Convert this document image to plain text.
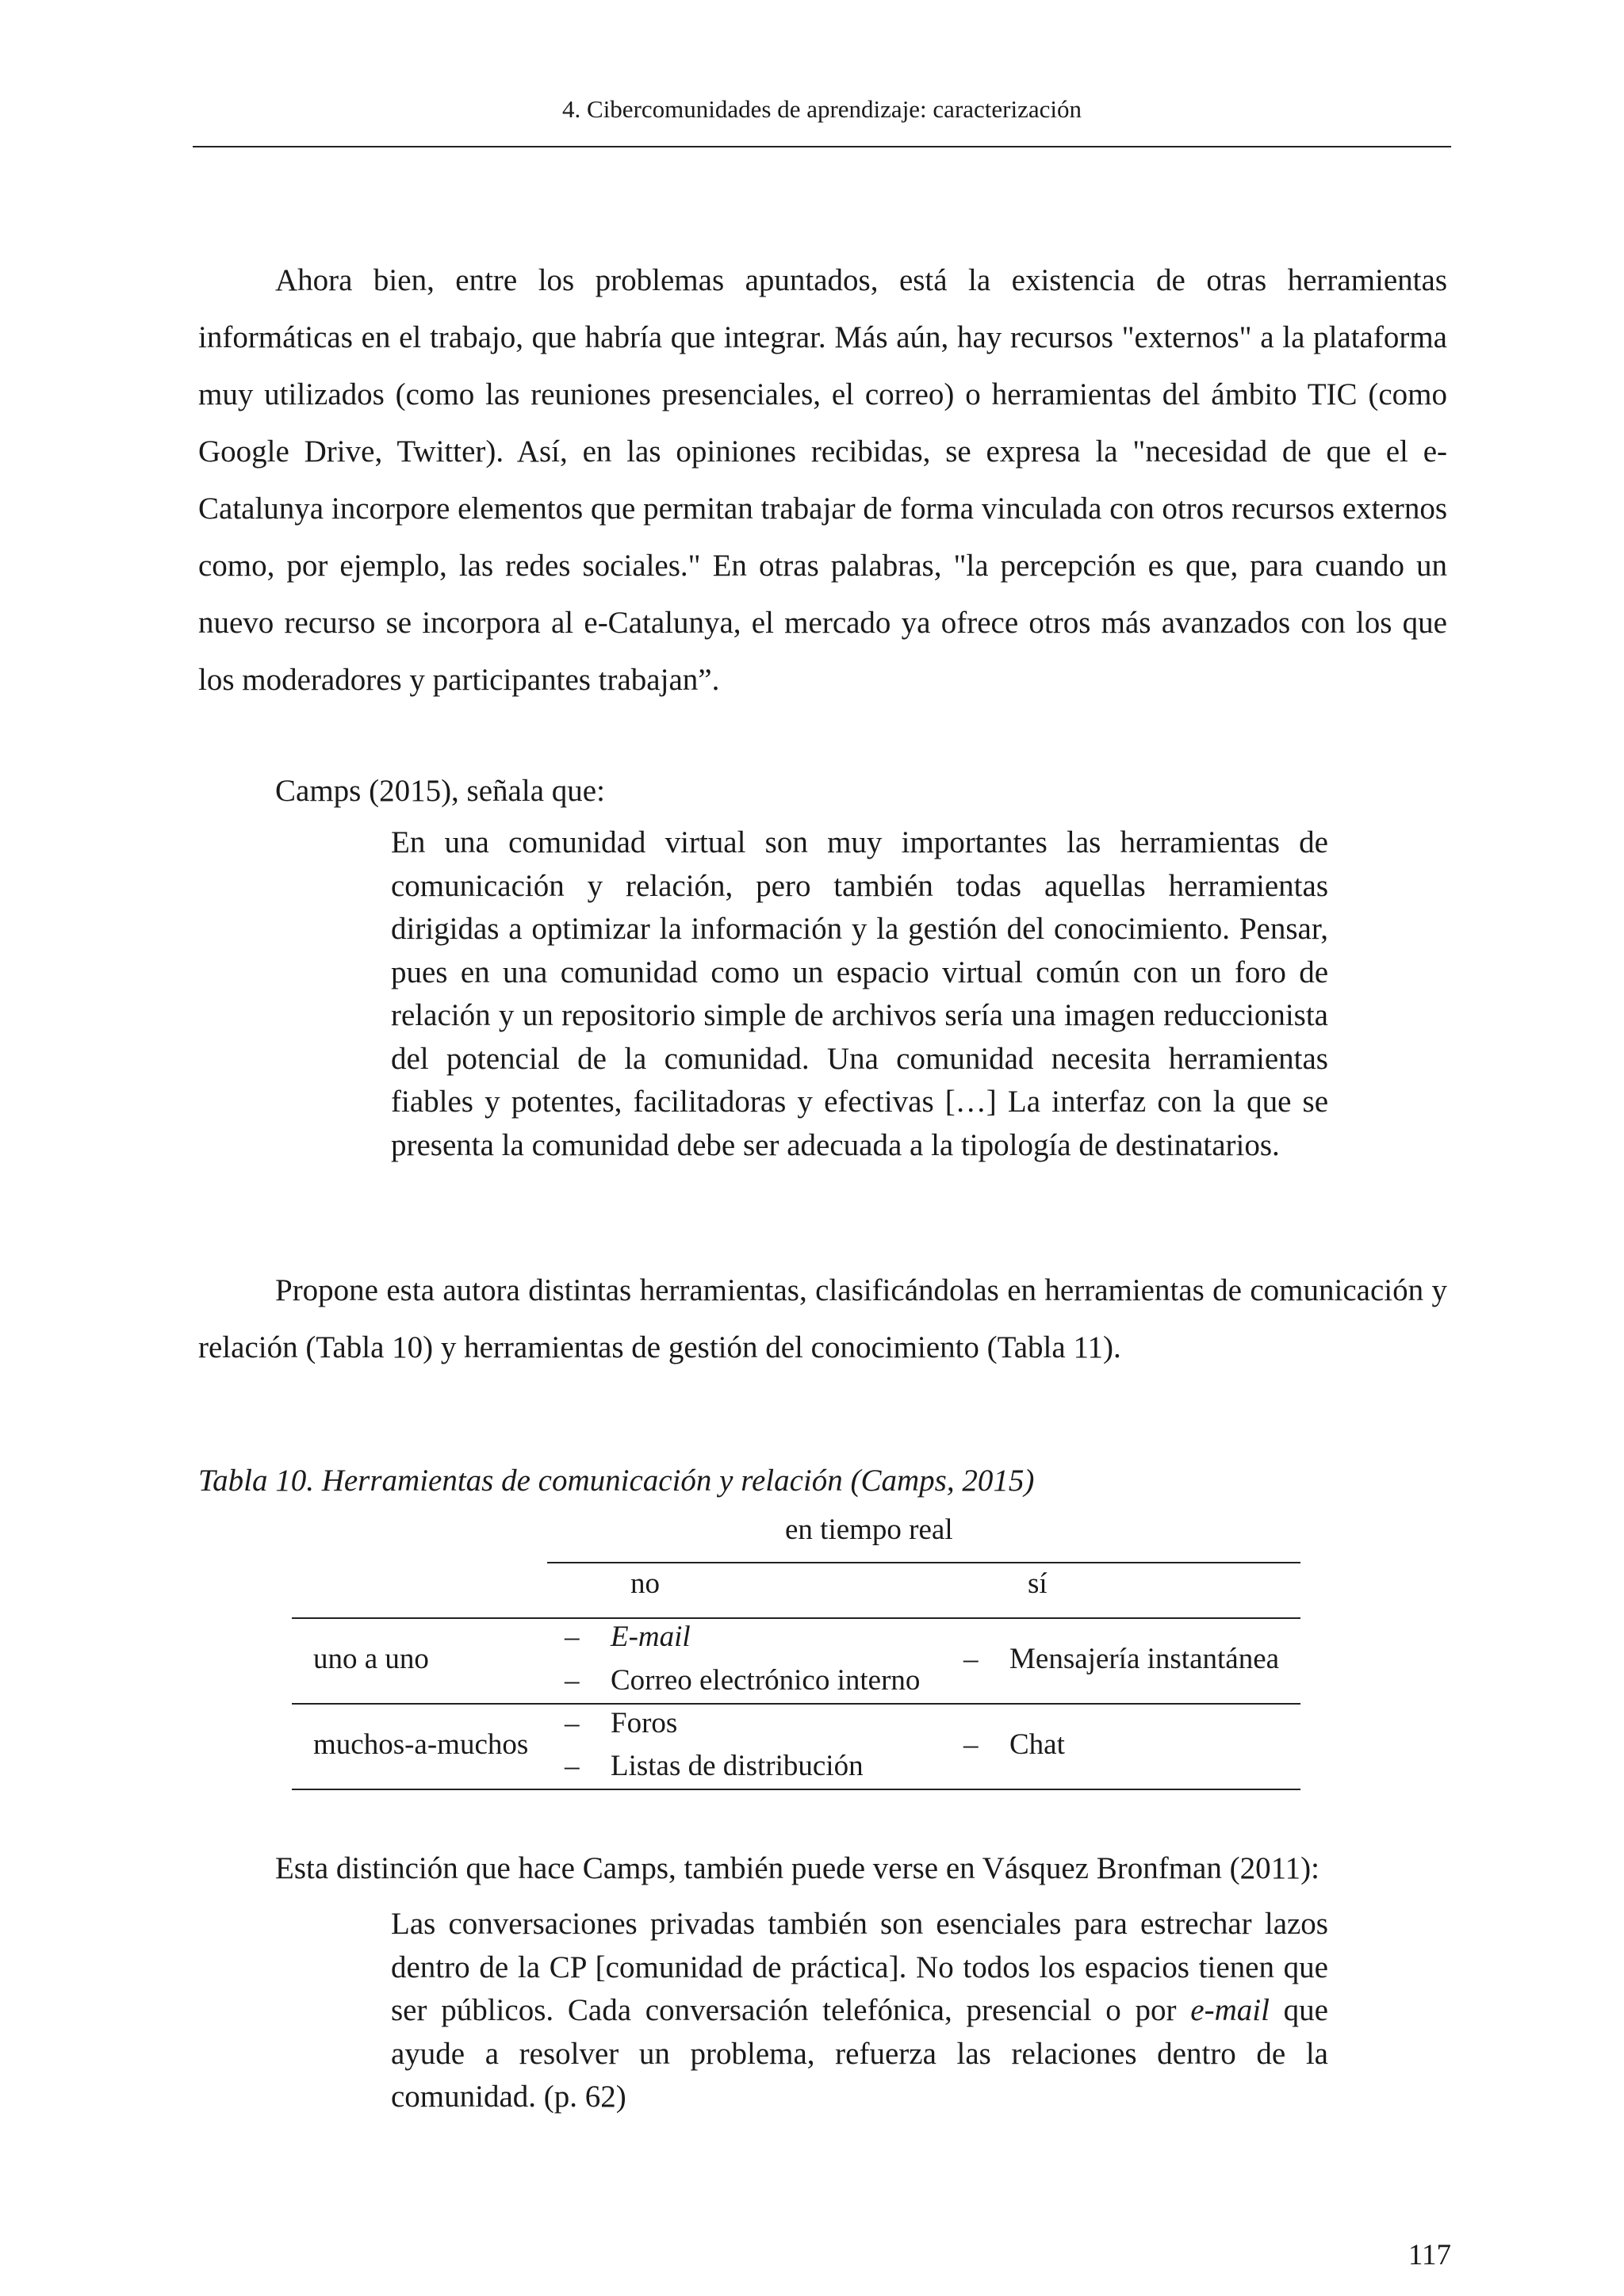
4. Cibercomunidades de aprendizaje: caracterización

Ahora bien, entre los problemas apuntados, está la existencia de otras herramientas informáticas en el trabajo, que habría que integrar. Más aún, hay recursos "externos" a la plataforma muy utilizados (como las reuniones presenciales, el correo) o herramientas del ámbito TIC (como Google Drive, Twitter). Así, en las opiniones recibidas, se expresa la "necesidad de que el e-Catalunya incorpore elementos que permitan trabajar de forma vinculada con otros recursos externos como, por ejemplo, las redes sociales." En otras palabras, "la percepción es que, para cuando un nuevo recurso se incorpora al e-Catalunya, el mercado ya ofrece otros más avanzados con los que los moderadores y participantes trabajan”.

Camps (2015), señala que:

En una comunidad virtual son muy importantes las herramientas de comunicación y relación, pero también todas aquellas herramientas dirigidas a optimizar la información y la gestión del conocimiento. Pensar, pues en una comunidad como un espacio virtual común con un foro de relación y un repositorio simple de archivos sería una imagen reduccionista del potencial de la comunidad. Una comunidad necesita herramientas fiables y potentes, facilitadoras y efectivas […] La interfaz con la que se presenta la comunidad debe ser adecuada a la tipología de destinatarios.

Propone esta autora distintas herramientas, clasificándolas en herramientas de comunicación y relación (Tabla 10) y herramientas de gestión del conocimiento (Tabla 11).

Tabla 10. Herramientas de comunicación y relación (Camps, 2015)

en tiempo real
no	sí
uno a uno
– E-mail
– Correo electrónico interno
– Mensajería instantánea
muchos-a-muchos
– Foros
– Listas de distribución
– Chat

Esta distinción que hace Camps, también puede verse en Vásquez Bronfman (2011):

Las conversaciones privadas también son esenciales para estrechar lazos dentro de la CP [comunidad de práctica]. No todos los espacios tienen que ser públicos. Cada conversación telefónica, presencial o por e-mail que ayude a resolver un problema, refuerza las relaciones dentro de la comunidad. (p. 62)

117
